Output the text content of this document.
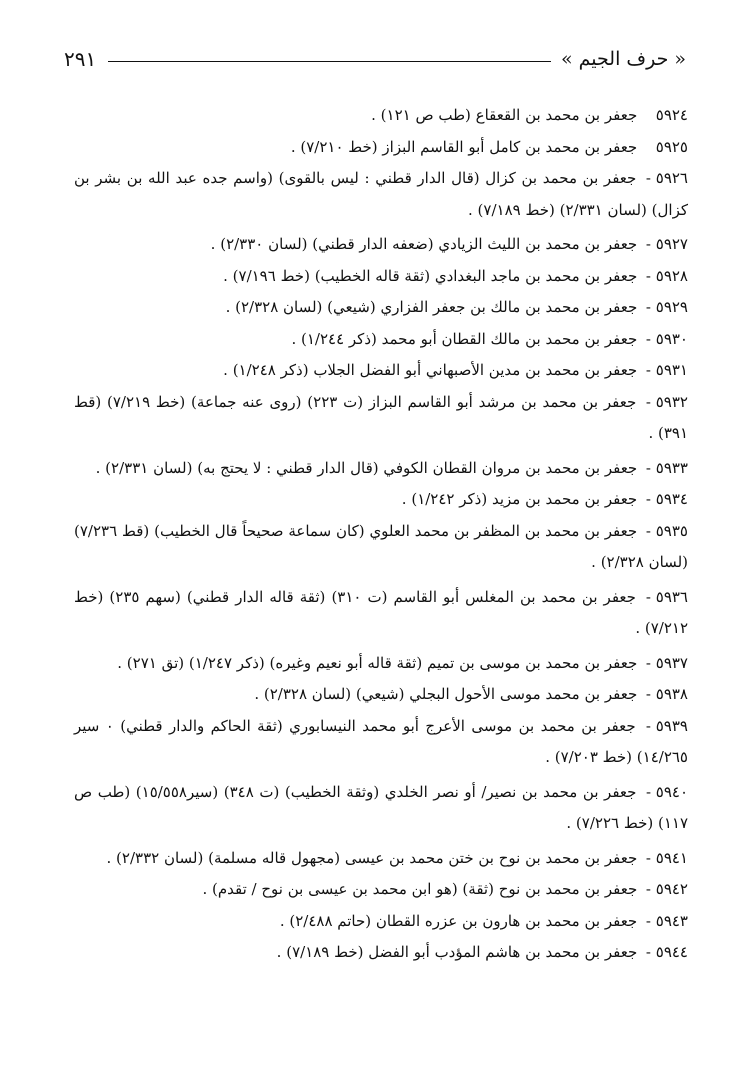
« حرف الجيم »
٢٩١

٥٩٢٤ جعفر بن محمد بن القعقاع (طب ص ١٢١) .

٥٩٢٥ جعفر بن محمد بن كامل أبو القاسم البزاز (خط ٧/٢١٠) .

٥٩٢٦ - جعفر بن محمد بن كزال (قال الدار قطني : ليس بالقوى) (واسم جده عبد الله بن بشر بن كزال) (لسان ٢/٣٣١) (خط ٧/١٨٩) .

٥٩٢٧ - جعفر بن محمد بن الليث الزيادي (ضعفه الدار قطني) (لسان ٢/٣٣٠) .

٥٩٢٨ - جعفر بن محمد بن ماجد البغدادي (ثقة قاله الخطيب) (خط ٧/١٩٦) .

٥٩٢٩ - جعفر بن محمد بن مالك بن جعفر الفزاري (شيعي) (لسان ٢/٣٢٨) .

٥٩٣٠ - جعفر بن محمد بن مالك القطان أبو محمد (ذكر ١/٢٤٤) .

٥٩٣١ - جعفر بن محمد بن مدين الأصبهاني أبو الفضل الجلاب (ذكر ١/٢٤٨) .

٥٩٣٢ - جعفر بن محمد بن مرشد أبو القاسم البزاز (ت ٢٢٣) (روى عنه جماعة) (خط ٧/٢١٩) (قط ٣٩١) .

٥٩٣٣ - جعفر بن محمد بن مروان القطان الكوفي (قال الدار قطني : لا يحتج به) (لسان ٢/٣٣١) .

٥٩٣٤ - جعفر بن محمد بن مزيد (ذكر ١/٢٤٢) .

٥٩٣٥ - جعفر بن محمد بن المظفر بن محمد العلوي (كان سماعة صحيحاً قال الخطيب) (قط ٧/٢٣٦) (لسان ٢/٣٢٨) .

٥٩٣٦ - جعفر بن محمد بن المغلس أبو القاسم (ت ٣١٠) (ثقة قاله الدار قطني) (سهم ٢٣٥) (خط ٧/٢١٢) .

٥٩٣٧ - جعفر بن محمد بن موسى بن تميم (ثقة قاله أبو نعيم وغيره) (ذكر ١/٢٤٧) (تق ٢٧١) .

٥٩٣٨ - جعفر بن محمد موسى الأحول البجلي (شيعي) (لسان ٢/٣٢٨) .

٥٩٣٩ - جعفر بن محمد بن موسى الأعرج أبو محمد النيسابوري (ثقة الحاكم والدار قطني) ٠ سير ١٤/٢٦٥) (خط ٧/٢٠٣) .

٥٩٤٠ - جعفر بن محمد بن نصير/ أو نصر الخلدي (وثقة الخطيب) (ت ٣٤٨) (سير١٥/٥٥٨) (طب ص ١١٧) (خط ٧/٢٢٦) .

٥٩٤١ - جعفر بن محمد بن نوح بن ختن محمد بن عيسى (مجهول قاله مسلمة) (لسان ٢/٣٣٢) .

٥٩٤٢ - جعفر بن محمد بن نوح (ثقة) (هو ابن محمد بن عيسى بن نوح / تقدم) .

٥٩٤٣ - جعفر بن محمد بن هارون بن عزره القطان (حاتم ٢/٤٨٨) .

٥٩٤٤ - جعفر بن محمد بن هاشم المؤدب أبو الفضل (خط ٧/١٨٩) .
